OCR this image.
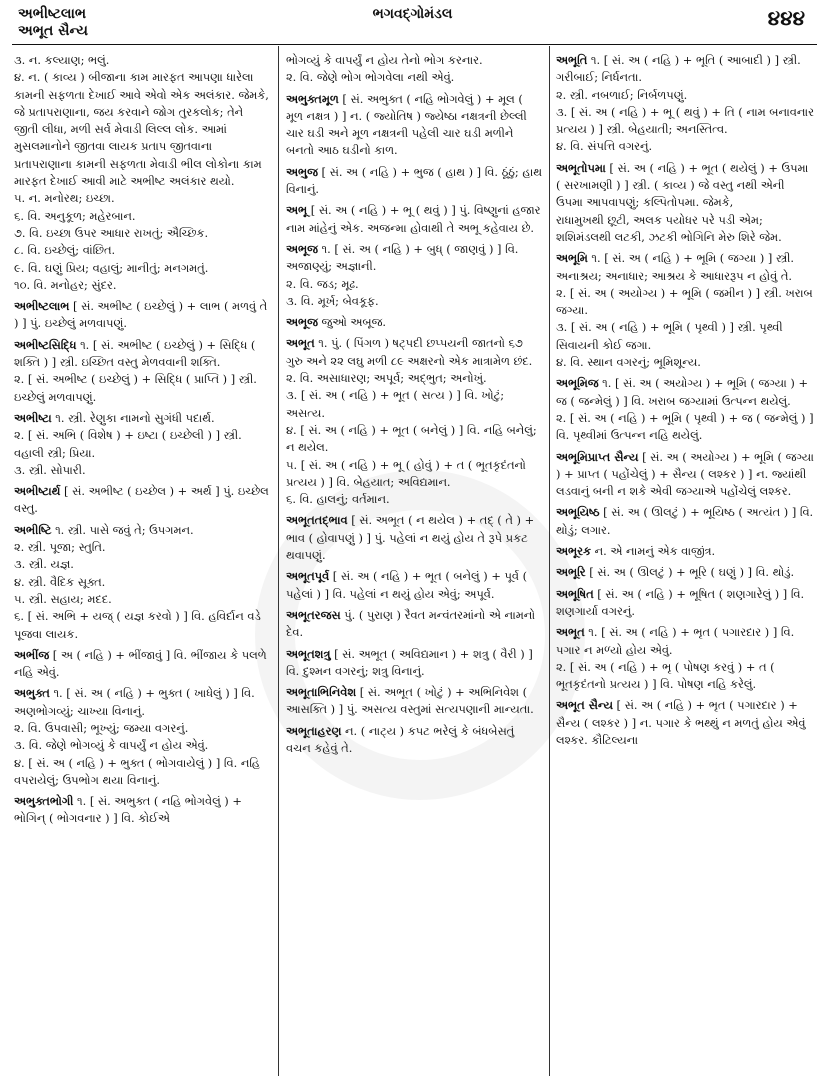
અભીષ્ટલાભ
અભૂત સૈન્ય
ભગવદ્ગોમંડલ	૪૪૪
૩. ન. કલ્યાણ; ભલું.
૪. ન. ( કાવ્ય ) બીજાના કામ મારફત આપણા ધારેલા કામની સફળતા દેખાઈ આવે એવો એક અલંકાર. જેમકે,
જે પ્રતાપરાણાના, જય કરવાને જોગ તુરકલોક; તેને જીતી લીધા, મળી સર્વ મેવાડી લિલ્લ લોક. આમાં મુસલમાનોને જીતવા લાયક પ્રતાપ જીતવાના પ્રતાપરાણાના કામની સફળતા મેવાડી ભીલ લોકોના કામ મારફત દેખાઈ આવી માટે અભીષ્ટ અલંકાર થયો.
૫. ન. મનોરથ; ઇચ્છા.
૬. વિ. અનુકૂળ; મહેરબાન.
૭. વિ. ઇચ્છા ઉપર આધાર રાખતું; ઐચ્છિક.
૮. વિ. ઇચ્છેલું; વાંછિત.
૯. વિ. ઘણું પ્રિય; વહાલું; માનીતું; મનગમતું.
૧૦. વિ. મનોહર; સુંદર.
અભીષ્ટલાભ [ સં. અભીષ્ટ ( ઇચ્છેલું ) + લાભ ( મળવું તે ) ] પું. ઇચ્છેલું મળવાપણું.
અભીષ્ટસિદ્ધિ ૧. [ સં. અભીષ્ટ ( ઇચ્છેલું ) + સિદ્ધિ ( શક્તિ ) ] સ્ત્રી. ઇચ્છિત વસ્તુ મેળવવાની શક્તિ.
૨. [ સં. અભીષ્ટ ( ઇચ્છેલું ) + સિદ્ધિ ( પ્રાપ્તિ ) ] સ્ત્રી. ઇચ્છેલું મળવાપણું.
અભીષ્ટા ૧. સ્ત્રી. રેણુકા નામનો સુગંધી પદાર્થ.
૨. [ સં. અભિ ( વિશેષ ) + ઇષ્ટા ( ઇચ્છેલી ) ] સ્ત્રી. વહાલી સ્ત્રી; પ્રિયા.
૩. સ્ત્રી. સોપારી.
અભીષ્ટાર્થ [ સં. અભીષ્ટ ( ઇચ્છેલ ) + અર્થ ] પું. ઇચ્છેલ વસ્તુ.
અભીષ્ટિ ૧. સ્ત્રી. પાસે જવું તે; ઉપગમન.
૨. સ્ત્રી. પૂજા; સ્તુતિ.
૩. સ્ત્રી. યજ્ઞ.
૪. સ્ત્રી. વૈદિક સૂક્ત.
૫. સ્ત્રી. સહાય; મદદ.
૬. [ સં. અભિ + યજ્ ( યજ્ઞ કરવો ) ] વિ. હવિર્દાન વડે પૂજવા લાયક.
અભીંજ [ અ ( નહિ ) + ભીંજાવું ] વિ. ભીંજાય કે પલળે નહિ એવું.
અભુક્ત ૧. [ સં. અ ( નહિ ) + ભુક્ત ( ખાધેલું ) ] વિ. અણભોગવ્યું; ચાખ્યા વિનાનું.
૨. વિ. ઉપવાસી; ભૂખ્યું; જમ્યા વગરનું.
૩. વિ. જેણે ભોગવ્યું કે વાપર્યું ન હોય એવું.
૪. [ સં. અ ( નહિ ) + ભુક્ત ( ભોગવાયેલું ) ] વિ. નહિ વપરાયેલું; ઉપભોગ થયા વિનાનું.
અભુક્તભોગી ૧. [ સં. અભુક્ત ( નહિ ભોગવેલું ) + ભોગિન્ ( ભોગવનાર ) ] વિ. કોઈએ
ભોગવ્યું કે વાપર્યું ન હોય તેનો ભોગ કરનાર.
૨. વિ. જેણે ભોગ ભોગવેલા નથી એવું.
અભુક્તમૂળ [ સં. અભુક્ત ( નહિ ભોગવેલું ) + મૂલ ( મૂળ નક્ષત્ર ) ] ન. ( જ્યોતિષ ) જ્યેષ્ઠા નક્ષત્રની છેલ્લી ચાર ઘડી અને મૂળ નક્ષત્રની પહેલી ચાર ઘડી મળીને બનતો આઠ ઘડીનો કાળ.
અભુજ [ સં. અ ( નહિ ) + ભુજ ( હાથ ) ] વિ. ઠૂંઠું; હાથ વિનાનું.
અભૂ [ સં. અ ( નહિ ) + ભૂ ( થવું ) ] પું. વિષ્ણુનાં હજાર નામ માંહેનું એક. અજન્મા હોવાથી તે અભૂ કહેવાય છે.
અભૂજ ૧. [ સં. અ ( નહિ ) + બુધ્ ( જાણવું ) ] વિ. અજાણ્યું; અજ્ઞાની.
૨. વિ. જડ; મૂઢ.
૩. વિ. મૂર્ખ; બેવકૂફ.
અભૂજ જુઓ અબૂજ.
અભૂત ૧. પું. ( પિંગળ ) ષટ્પદી છપ્પયની જાતનો ૬૭ ગુરુ અને ૨૨ લઘુ મળી ૮૯ અક્ષરનો એક માત્રામેળ છંદ.
૨. વિ. અસાધારણ; અપૂર્વ; અદ્ભુત; અનોખું.
૩. [ સં. અ ( નહિ ) + ભૂત ( સત્ય ) ] વિ. ખોટું; અસત્ય.
૪. [ સં. અ ( નહિ ) + ભૂત ( બનેલું ) ] વિ. નહિ બનેલું; ન થયેલ.
૫. [ સં. અ ( નહિ ) + ભૂ ( હોવું ) + ત ( ભૂતકૃદંતનો પ્રત્યય ) ] વિ. બેહયાત; અવિદ્યમાન.
૬. વિ. હાલનું; વર્તમાન.
અભૂતતદ્ભાવ [ સં. અભૂત ( ન થયેલ ) + તદ્ ( તે ) + ભાવ ( હોવાપણું ) ] પું. પહેલાં ન થયું હોય તે રૂપે પ્રકટ થવાપણું.
અભૂતપૂર્વ [ સં. અ ( નહિ ) + ભૂત ( બનેલું ) + પૂર્વ ( પહેલાં ) ] વિ. પહેલાં ન થયું હોય એવું; અપૂર્વ.
અભૂતરજસ પું. ( પુરાણ ) રૈવત મન્વંતરમાંનો એ નામનો દેવ.
અભૂતશત્રુ [ સં. અભૂત ( અવિદ્યમાન ) + શત્રુ ( વૈરી ) ] વિ. દુશ્મન વગરનું; શત્રુ વિનાનું.
અભૂતાભિનિવેશ [ સં. અભૂત ( ખોટું ) + અભિનિવેશ ( આસક્તિ ) ] પું. અસત્ય વસ્તુમાં સત્યપણાની માન્યતા.
અભૂતાહરણ ન. ( નાટ્ય ) કપટ ભરેલું કે બંધબેસતું વચન કહેવું તે.
અભૂતિ ૧. [ સં. અ ( નહિ ) + ભૂતિ ( આબાદી ) ] સ્ત્રી. ગરીબાઈ; નિર્ધનતા.
૨. સ્ત્રી. નબળાઈ; નિર્બળપણું.
૩. [ સં. અ ( નહિ ) + ભૂ ( થવું ) + તિ ( નામ બનાવનાર પ્રત્યય ) ] સ્ત્રી. બેહયાતી; અનસ્તિત્વ.
૪. વિ. સંપત્તિ વગરનું.
અભૂતોપમા [ સં. અ ( નહિ ) + ભૂત ( થયેલું ) + ઉપમા ( સરખામણી ) ] સ્ત્રી. ( કાવ્ય ) જે વસ્તુ નથી એની ઉપમા આપવાપણું; કલ્પિતોપમા. જેમકે,
રાધામુખથી છૂટી, અલક પયોધર પરે પડી એમ; શશિમંડલથી લટકી, ઝટકી ભોગિનિ મેરુ શિરે જેમ.
અભૂમિ ૧. [ સં. અ ( નહિ ) + ભૂમિ ( જગ્યા ) ] સ્ત્રી. અનાશ્રય; અનાધાર; આશ્રય કે આધારરૂપ ન હોવું તે.
૨. [ સં. અ ( અયોગ્ય ) + ભૂમિ ( જમીન ) ] સ્ત્રી. ખરાબ જગ્યા.
૩. [ સં. અ ( નહિ ) + ભૂમિ ( પૃથ્વી ) ] સ્ત્રી. પૃથ્વી સિવાયની કોઈ જગા.
૪. વિ. સ્થાન વગરનું; ભૂમિશૂન્ય.
અભૂમિજ ૧. [ સં. અ ( અયોગ્ય ) + ભૂમિ ( જગ્યા ) + જ ( જન્મેલું ) ] વિ. ખરાબ જગ્યામાં ઉત્પન્ન થયેલું.
૨. [ સં. અ ( નહિ ) + ભૂમિ ( પૃથ્વી ) + જ ( જન્મેલું ) ] વિ. પૃથ્વીમાં ઉત્પન્ન નહિ થયેલું.
અભૂમિપ્રાપ્ત સૈન્ય [ સં. અ ( અયોગ્ય ) + ભૂમિ ( જગ્યા ) + પ્રાપ્ત ( પહોંચેલું ) + સૈન્ય ( લશ્કર ) ] ન. જ્યાંથી લડવાનું બની ન શકે એવી જગ્યાએ પહોંચેલું લશ્કર.
અભૂયિષ્ઠ [ સં. અ ( ઊલટું ) + ભૂયિષ્ઠ ( અત્યંત ) ] વિ. થોડું; લગાર.
અભૂરક ન. એ નામનું એક વાજીંત્ર.
અભૂરિ [ સં. અ ( ઊલટું ) + ભૂરિ ( ઘણું ) ] વિ. થોડું.
અભૂષિત [ સં. અ ( નહિ ) + ભૂષિત ( શણગારેલું ) ] વિ. શણગાર્યા વગરનું.
અભૂત ૧. [ સં. અ ( નહિ ) + ભૃત ( પગારદાર ) ] વિ. પગાર ન મળ્યો હોય એવું.
૨. [ સં. અ ( નહિ ) + ભૃ ( પોષણ કરવું ) + ત ( ભૂતકૃદંતનો પ્રત્યય ) ] વિ. પોષણ નહિ કરેલું.
અભૂત સૈન્ય [ સં. અ ( નહિ ) + ભૃત ( પગારદાર ) + સૈન્ય ( લશ્કર ) ] ન. પગાર કે ભથ્થું ન મળતું હોય એવું લશ્કર. કૌટિલ્યના
